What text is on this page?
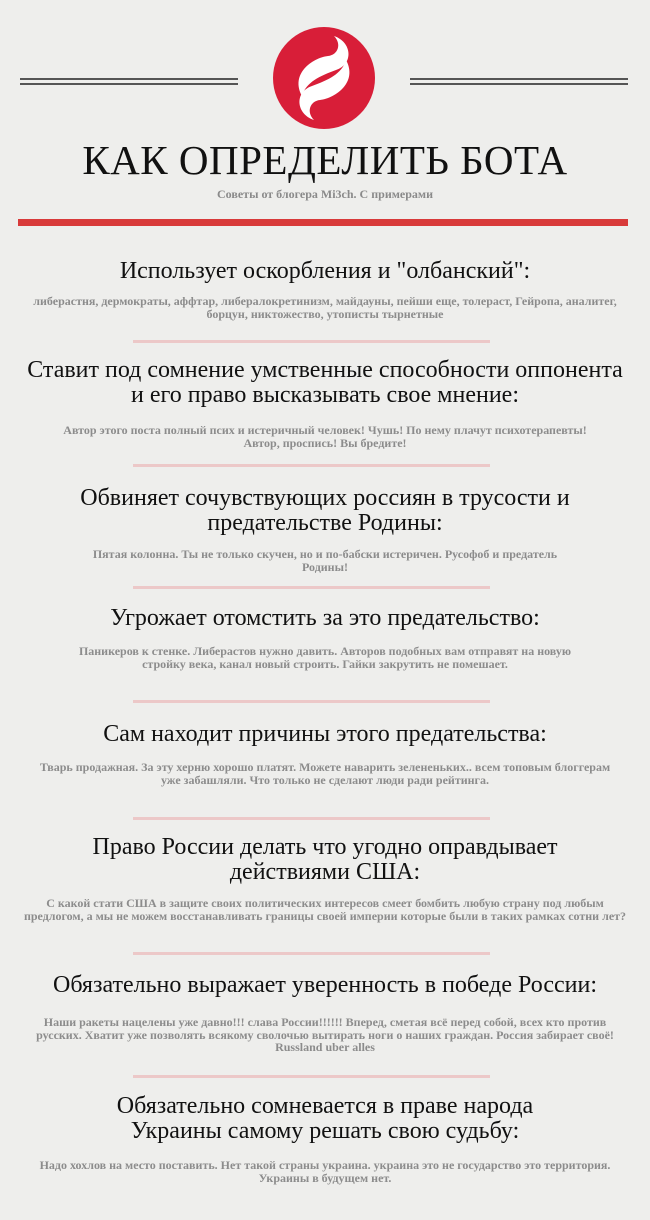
КАК ОПРЕДЕЛИТЬ БОТА
Советы от блогера Mi3ch. С примерами
Использует оскорбления и "олбанский":
либерастня, дермократы, аффтар, либералокретинизм, майдауны, пейши еще, толераст, Гейропа, аналитег, борцун, никтожество, утописты тырнетные
Ставит под сомнение умственные способности оппонента и его право высказывать свое мнение:
Автор этого поста полный псих и истеричный человек! Чушь! По нему плачут психотерапевты! Автор, проспись! Вы бредите!
Обвиняет сочувствующих россиян в трусости и предательстве Родины:
Пятая колонна. Ты не только скучен, но и по-бабски истеричен. Русофоб и предатель Родины!
Угрожает отомстить за это предательство:
Паникеров к стенке. Либерастов нужно давить. Авторов подобных вам отправят на новую стройку века, канал новый строить. Гайки закрутить не помешает.
Сам находит причины этого предательства:
Тварь продажная. За эту херню хорошо платят. Можете наварить зелененьких.. всем топовым блоггерам уже забашляли. Что только не сделают люди ради рейтинга.
Право России делать что угодно оправдывает действиями США:
С какой стати США в защите своих политических интересов смеет бомбить любую страну под любым предлогом, а мы не можем восстанавливать границы своей империи которые были в таких рамках сотни лет?
Обязательно выражает уверенность в победе России:
Наши ракеты нацелены уже давно!!! слава России!!!!!! Вперед, сметая всё перед собой, всех кто против русских. Хватит уже позволять всякому сволочью вытирать ноги о наших граждан. Россия забирает своё! Russland uber alles
Обязательно сомневается в праве народа Украины самому решать свою судьбу:
Надо хохлов на место поставить. Нет такой страны украина. украина это не государство это территория. Украины в будущем нет.
